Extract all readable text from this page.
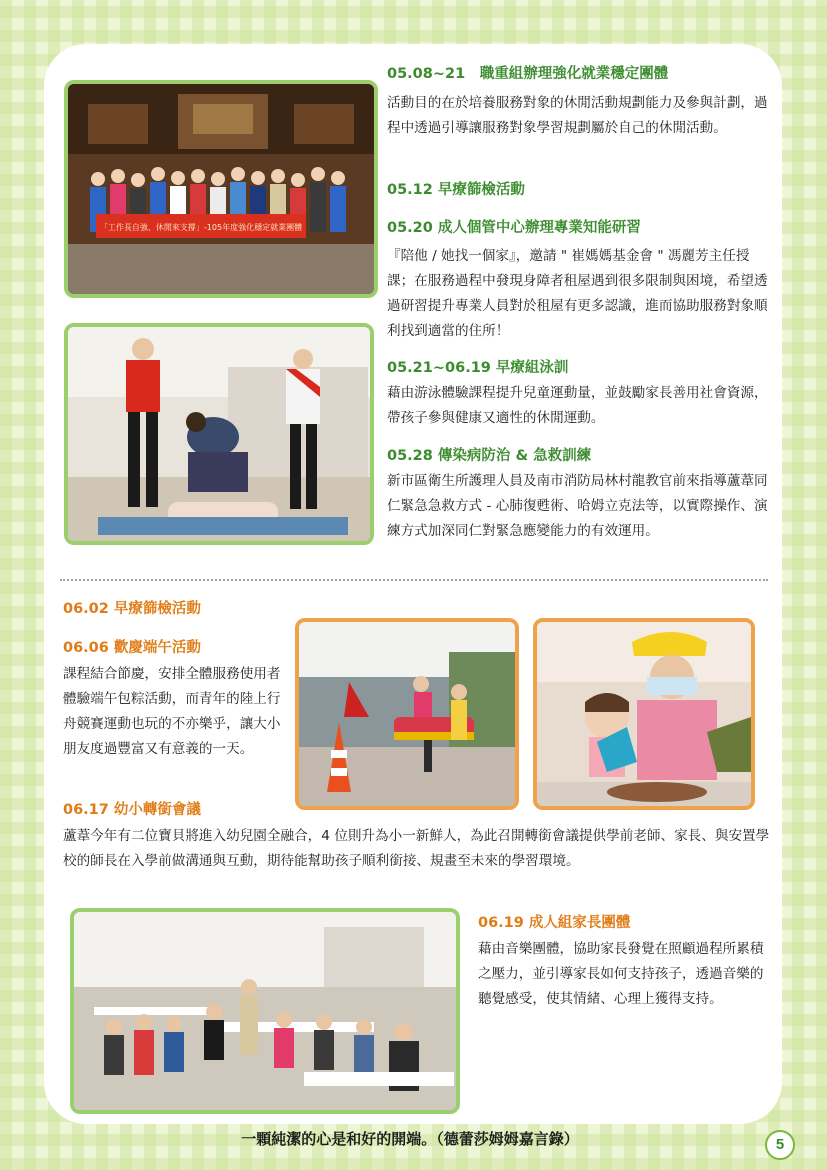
「工作長自強、休閒來支撐」-105年度強化穩定就業團體
05.08~21　職重組辦理強化就業穩定團體
活動目的在於培養服務對象的休閒活動規劃能力及參與計劃，過程中透過引導讓服務對象學習規劃屬於自己的休閒活動。
05.12 早療篩檢活動
05.20 成人個管中心辦理專業知能研習
『陪他 / 她找一個家』，邀請 " 崔媽媽基金會 " 馮麗芳主任授課；在服務過程中發現身障者租屋遇到很多限制與困境，希望透過研習提升專業人員對於租屋有更多認識，進而協助服務對象順利找到適當的住所！
05.21~06.19 早療組泳訓
藉由游泳體驗課程提升兒童運動量，並鼓勵家長善用社會資源，帶孩子參與健康又適性的休閒運動。
05.28 傳染病防治 & 急救訓練
新市區衛生所護理人員及南市消防局林村龍教官前來指導蘆葦同仁緊急急救方式 - 心肺復甦術、哈姆立克法等，以實際操作、演練方式加深同仁對緊急應變能力的有效運用。
06.02 早療篩檢活動
06.06 歡慶端午活動
課程結合節慶，安排全體服務使用者體驗端午包粽活動，而青年的陸上行舟競賽運動也玩的不亦樂乎，讓大小朋友度過豐富又有意義的一天。
06.17 幼小轉銜會議
蘆葦今年有二位寶貝將進入幼兒園全融合，4 位則升為小一新鮮人，為此召開轉銜會議提供學前老師、家長、與安置學校的師長在入學前做溝通與互動，期待能幫助孩子順利銜接、規畫至未來的學習環境。
06.19 成人組家長團體
藉由音樂團體，協助家長發覺在照顧過程所累積之壓力，並引導家長如何支持孩子，透過音樂的聽覺感受，使其情緒、心理上獲得支持。
一顆純潔的心是和好的開端。（德蕾莎姆姆嘉言錄）	5
